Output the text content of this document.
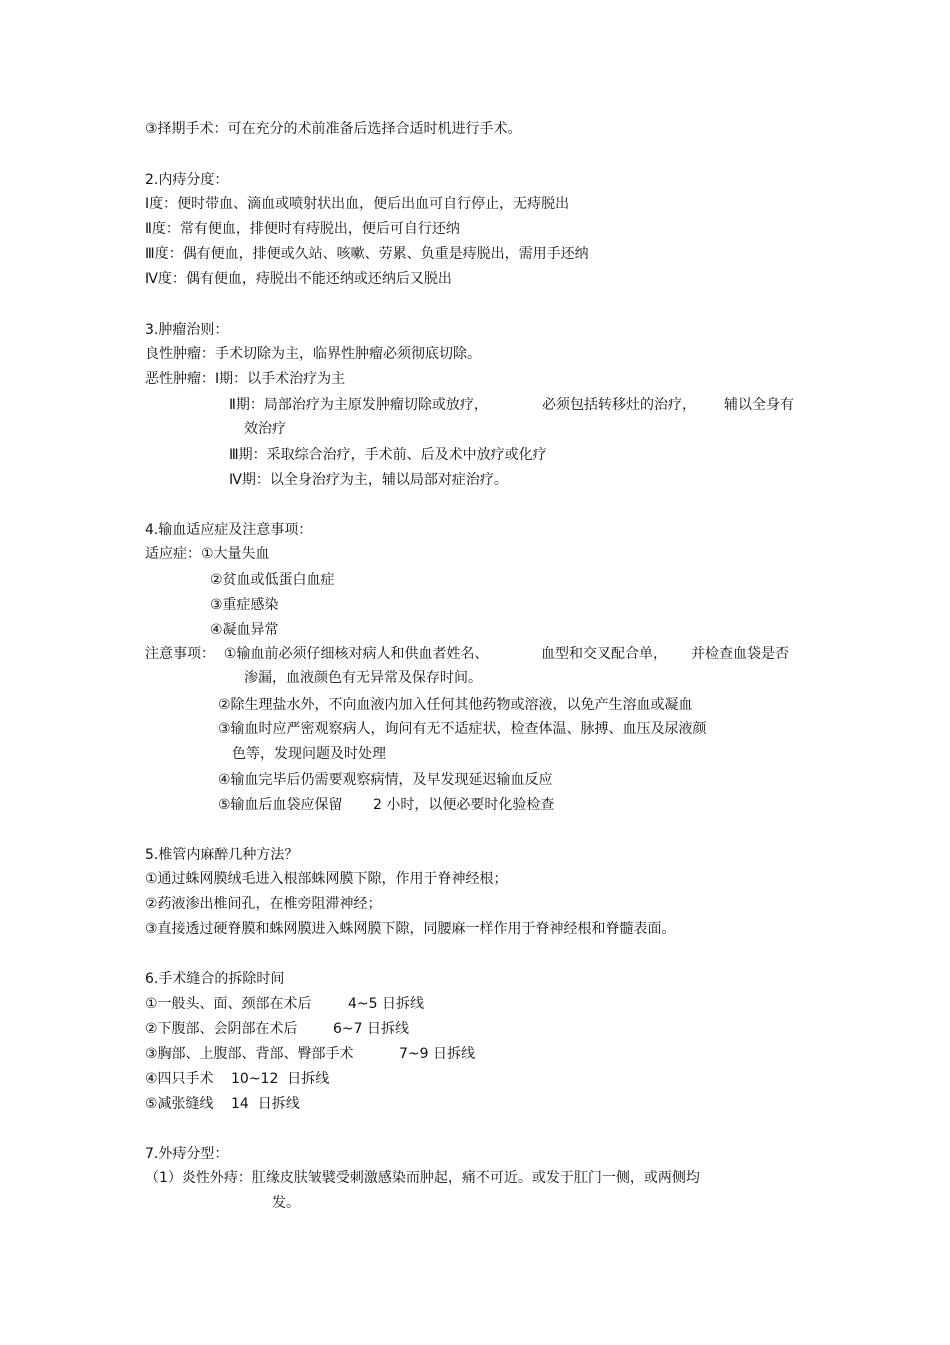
③择期手术：可在充分的术前准备后选择合适时机进行手术。
2.内痔分度：
Ⅰ度：便时带血、滴血或喷射状出血，便后出血可自行停止，无痔脱出
Ⅱ度：常有便血，排便时有痔脱出，便后可自行还纳
Ⅲ度：偶有便血，排便或久站、咳嗽、劳累、负重是痔脱出，需用手还纳
Ⅳ度：偶有便血，痔脱出不能还纳或还纳后又脱出
3.肿瘤治则：
良性肿瘤：手术切除为主，临界性肿瘤必须彻底切除。
恶性肿瘤：Ⅰ期：以手术治疗为主
Ⅱ期：局部治疗为主原发肿瘤切除或放疗，	必须包括转移灶的治疗， 辅以全身有
效治疗
Ⅲ期：采取综合治疗，手术前、后及术中放疗或化疗
Ⅳ期：以全身治疗为主，辅以局部对症治疗。
4.输血适应症及注意事项：
适应症：①大量失血
②贫血或低蛋白血症
③重症感染
④凝血异常
注意事项：  ①输血前必须仔细核对病人和供血者姓名、	血型和交叉配合单， 并检查血袋是否
渗漏，血液颜色有无异常及保存时间。
②除生理盐水外，不向血液内加入任何其他药物或溶液，以免产生溶血或凝血
③输血时应严密观察病人，询问有无不适症状，检查体温、脉搏、血压及尿液颜
色等，发现问题及时处理
④输血完毕后仍需要观察病情，及早发现延迟输血反应
⑤输血后血袋应保留 2 小时，以便必要时化验检查
5.椎管内麻醉几种方法？
①通过蛛网膜绒毛进入根部蛛网膜下隙，作用于脊神经根；
②药液渗出椎间孔，在椎旁阻滞神经；
③直接透过硬脊膜和蛛网膜进入蛛网膜下隙，同腰麻一样作用于脊神经根和脊髓表面。
6.手术缝合的拆除时间
①一般头、面、颈部在术后	4~5 日拆线
②下腹部、会阴部在术后	6~7 日拆线
③胸部、上腹部、背部、臀部手术	7~9 日拆线
④四只手术 10~12  日拆线
⑤减张缝线 14  日拆线
7.外痔分型：
（1）炎性外痔：肛缘皮肤皱襞受刺激感染而肿起，痛不可近。或发于肛门一侧，或两侧均
发。
